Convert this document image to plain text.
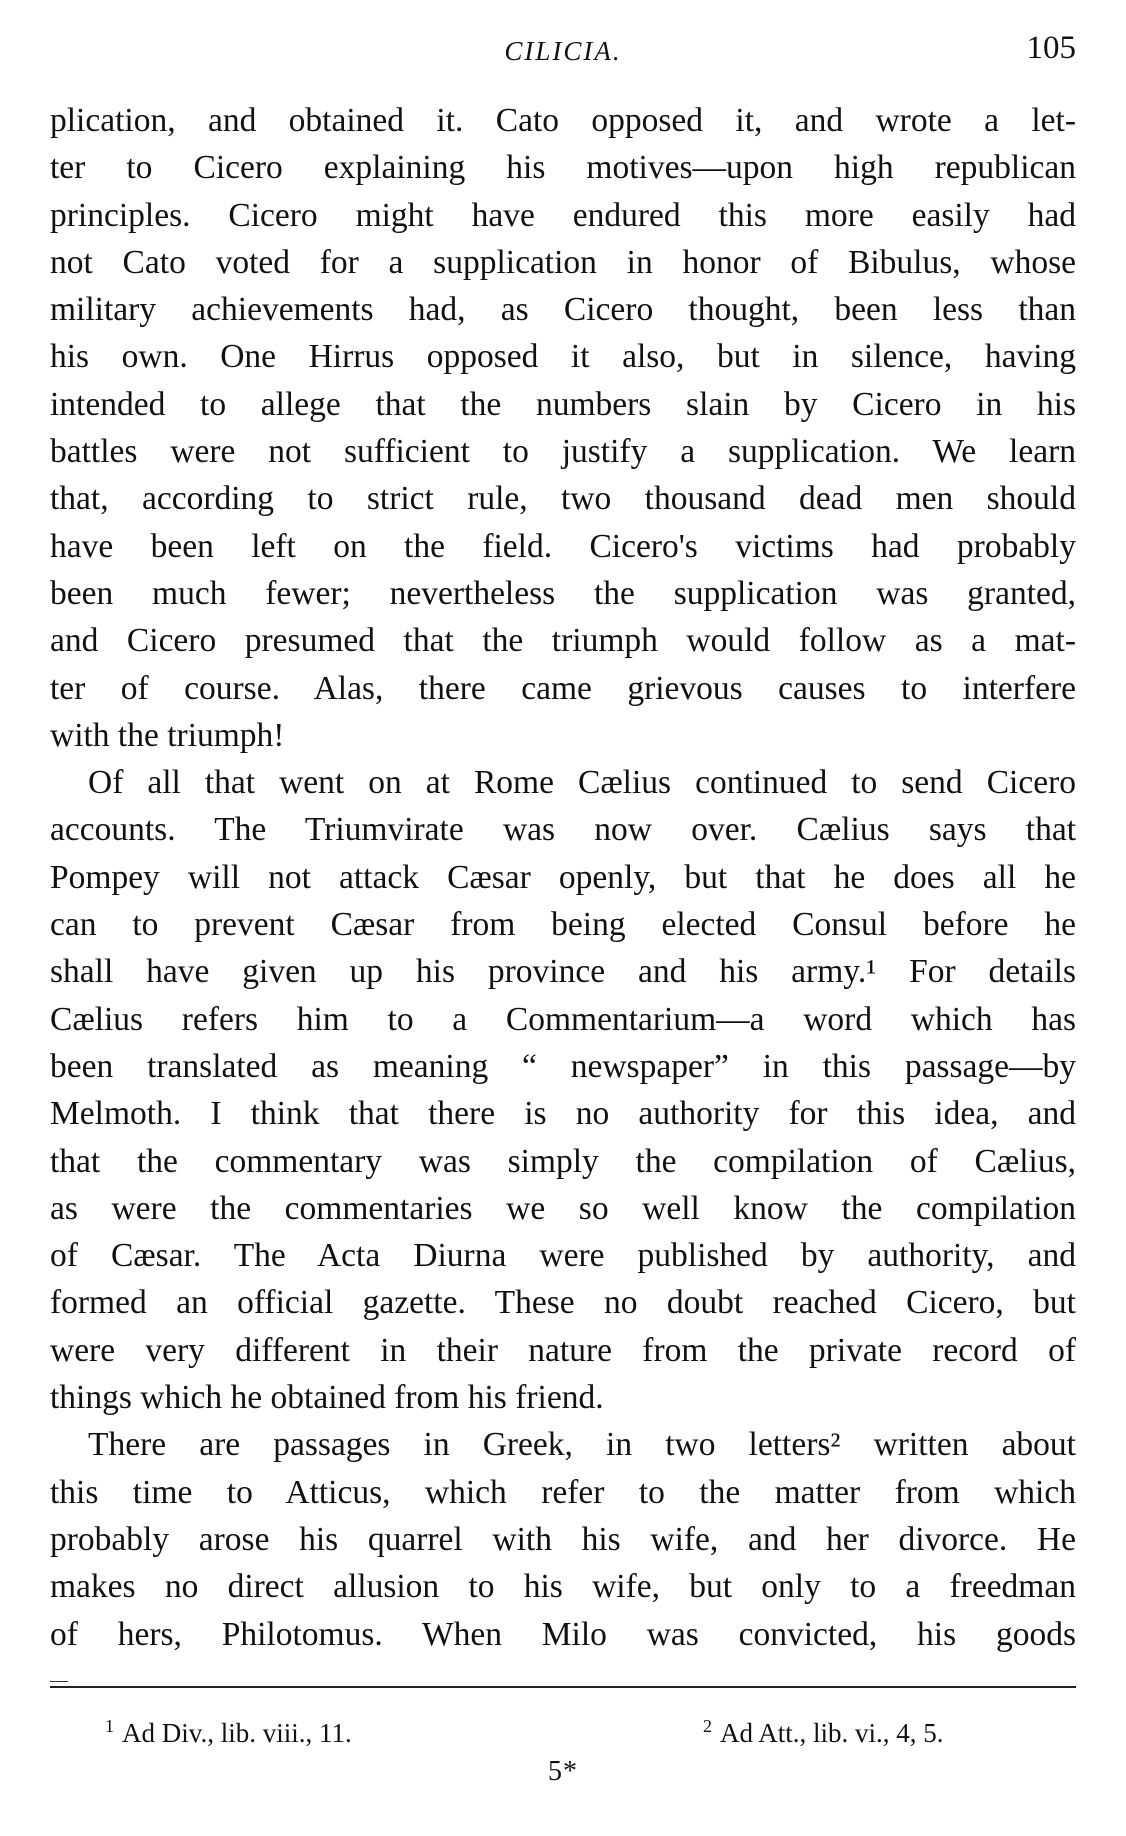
CILICIA.	105
plication, and obtained it. Cato opposed it, and wrote a let-
ter to Cicero explaining his motives—upon high republican
principles. Cicero might have endured this more easily had
not Cato voted for a supplication in honor of Bibulus, whose
military achievements had, as Cicero thought, been less than
his own. One Hirrus opposed it also, but in silence, having
intended to allege that the numbers slain by Cicero in his
battles were not sufficient to justify a supplication. We learn
that, according to strict rule, two thousand dead men should
have been left on the field. Cicero's victims had probably
been much fewer; nevertheless the supplication was granted,
and Cicero presumed that the triumph would follow as a mat-
ter of course. Alas, there came grievous causes to interfere
with the triumph!
Of all that went on at Rome Cælius continued to send Cicero
accounts. The Triumvirate was now over. Cælius says that
Pompey will not attack Cæsar openly, but that he does all he
can to prevent Cæsar from being elected Consul before he
shall have given up his province and his army.¹ For details
Cælius refers him to a Commentarium—a word which has
been translated as meaning “ newspaper” in this passage—by
Melmoth. I think that there is no authority for this idea, and
that the commentary was simply the compilation of Cælius,
as were the commentaries we so well know the compilation
of Cæsar. The Acta Diurna were published by authority, and
formed an official gazette. These no doubt reached Cicero, but
were very different in their nature from the private record of
things which he obtained from his friend.
There are passages in Greek, in two letters² written about
this time to Atticus, which refer to the matter from which
probably arose his quarrel with his wife, and her divorce. He
makes no direct allusion to his wife, but only to a freedman
of hers, Philotomus. When Milo was convicted, his goods
$^1$ Ad Div., lib. viii., 11.	$^2$ Ad Att., lib. vi., 4, 5.
5*
